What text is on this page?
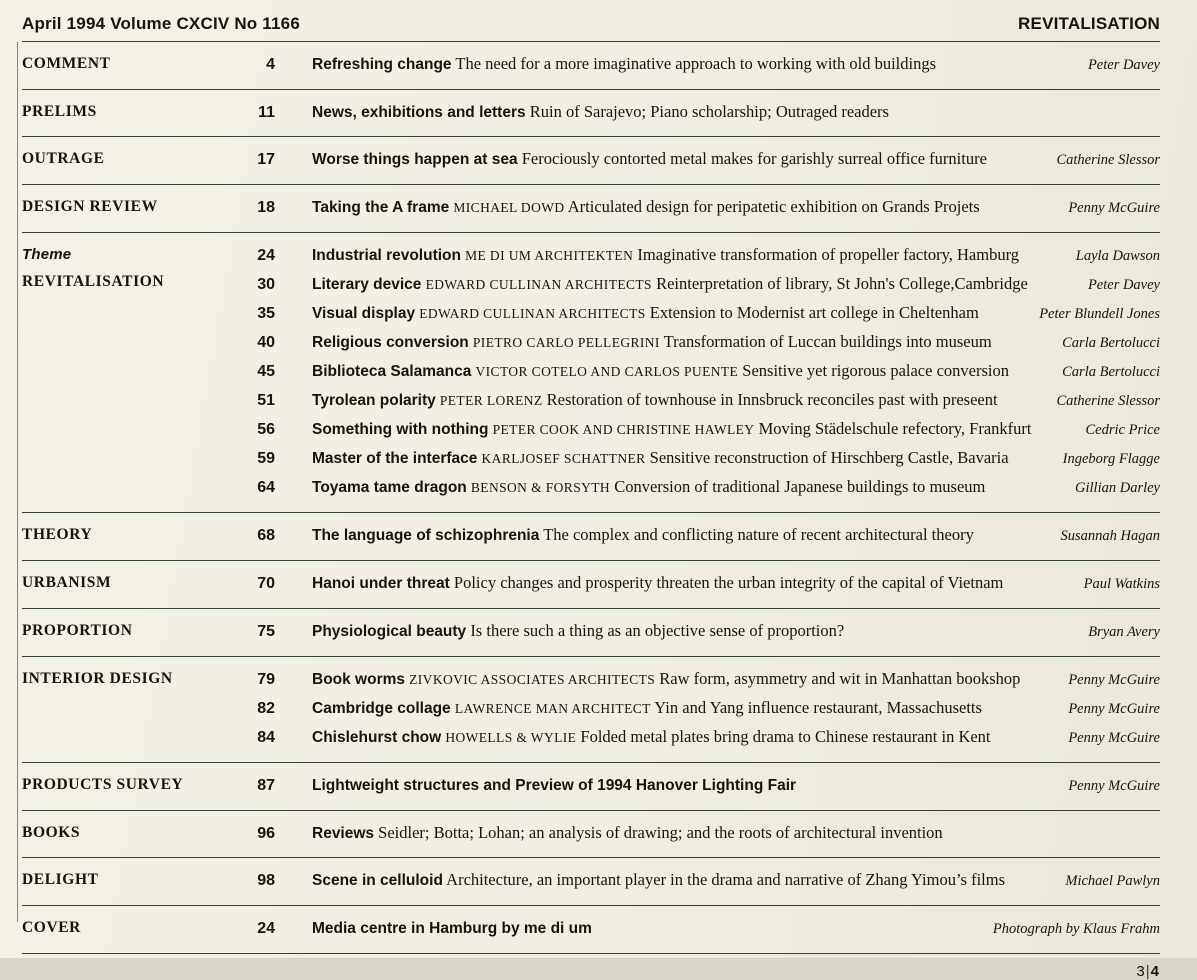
April 1994 Volume CXCIV No 1166	REVITALISATION
COMMENT	4	Refreshing change The need for a more imaginative approach to working with old buildings	Peter Davey
PRELIMS	11	News, exhibitions and letters Ruin of Sarajevo; Piano scholarship; Outraged readers
OUTRAGE	17	Worse things happen at sea Ferociously contorted metal makes for garishly surreal office furniture	Catherine Slessor
DESIGN REVIEW	18	Taking the A frame MICHAEL DOWD Articulated design for peripatetic exhibition on Grands Projets	Penny McGuire
Theme
REVITALISATION
24	Industrial revolution ME DI UM ARCHITEKTEN Imaginative transformation of propeller factory, Hamburg	Layla Dawson
30	Literary device EDWARD CULLINAN ARCHITECTS Reinterpretation of library, St John's College,Cambridge	Peter Davey
35	Visual display EDWARD CULLINAN ARCHITECTS Extension to Modernist art college in Cheltenham	Peter Blundell Jones
40	Religious conversion PIETRO CARLO PELLEGRINI Transformation of Luccan buildings into museum	Carla Bertolucci
45	Biblioteca Salamanca VICTOR COTELO AND CARLOS PUENTE Sensitive yet rigorous palace conversion	Carla Bertolucci
51	Tyrolean polarity PETER LORENZ Restoration of townhouse in Innsbruck reconciles past with preseent	Catherine Slessor
56	Something with nothing PETER COOK AND CHRISTINE HAWLEY Moving Städelschule refectory, Frankfurt	Cedric Price
59	Master of the interface KARLJOSEF SCHATTNER Sensitive reconstruction of Hirschberg Castle, Bavaria	Ingeborg Flagge
64	Toyama tame dragon BENSON & FORSYTH Conversion of traditional Japanese buildings to museum	Gillian Darley
THEORY	68	The language of schizophrenia The complex and conflicting nature of recent architectural theory	Susannah Hagan
URBANISM	70	Hanoi under threat Policy changes and prosperity threaten the urban integrity of the capital of Vietnam	Paul Watkins
PROPORTION	75	Physiological beauty Is there such a thing as an objective sense of proportion?	Bryan Avery
INTERIOR DESIGN	79	Book worms ZIVKOVIC ASSOCIATES ARCHITECTS Raw form, asymmetry and wit in Manhattan bookshop	Penny McGuire
82	Cambridge collage LAWRENCE MAN ARCHITECT Yin and Yang influence restaurant, Massachusetts	Penny McGuire
84	Chislehurst chow HOWELLS & WYLIE Folded metal plates bring drama to Chinese restaurant in Kent	Penny McGuire
PRODUCTS SURVEY	87	Lightweight structures and Preview of 1994 Hanover Lighting Fair	Penny McGuire
BOOKS	96	Reviews Seidler; Botta; Lohan; an analysis of drawing; and the roots of architectural invention
DELIGHT	98	Scene in celluloid Architecture, an important player in the drama and narrative of Zhang Yimou’s films	Michael Pawlyn
COVER	24	Media centre in Hamburg by me di um	Photograph by Klaus Frahm
3|4
